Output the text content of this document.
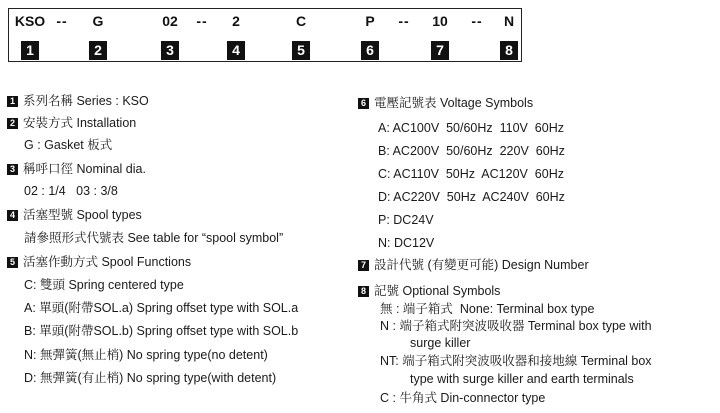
KSO -- G	02 -- 2	C	P -- 10 -- N
1	2	3	4	5	6	7	8
1 系列名稱 Series : KSO
2 安裝方式 Installation
G : Gasket 板式
3 稱呼口徑 Nominal dia.
02 : 1/4   03 : 3/8
4 活塞型號 Spool types
請參照形式代號表 See table for “spool symbol”
5 活塞作動方式 Spool Functions
C: 雙頭 Spring centered type
A: 單頭(附帶SOL.a) Spring offset type with SOL.a
B: 單頭(附帶SOL.b) Spring offset type with SOL.b
N: 無彈簧(無止梢) No spring type(no detent)
D: 無彈簧(有止梢) No spring type(with detent)
6 電壓記號表 Voltage Symbols
A: AC100V  50/60Hz  110V  60Hz
B: AC200V  50/60Hz  220V  60Hz
C: AC110V  50Hz  AC120V  60Hz
D: AC220V  50Hz  AC240V  60Hz
P: DC24V
N: DC12V
7 設計代號 (有變更可能) Design Number
8 記號 Optional Symbols
無 : 端子箱式  None: Terminal box type
N : 端子箱式附突波吸收器 Terminal box type with
surge killer
NT: 端子箱式附突波吸收器和接地線 Terminal box
type with surge killer and earth terminals
C : 牛角式 Din-connector type
